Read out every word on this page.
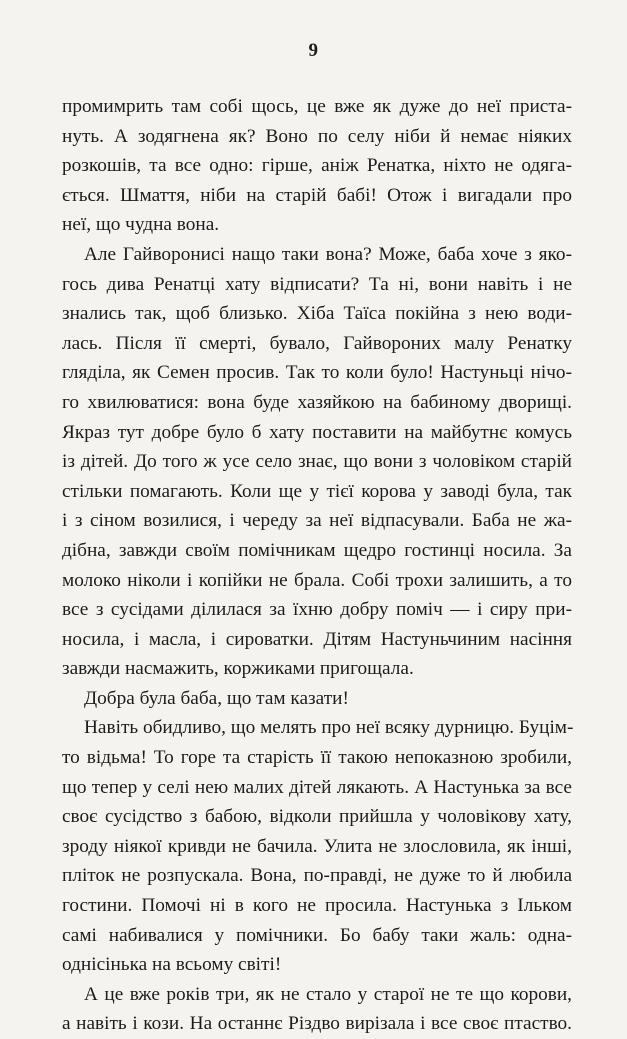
9
промимрить там собі щось, це вже як дуже до неї приста-
нуть. А зодягнена як? Воно по селу ніби й немає ніяких
розкошів, та все одно: гірше, аніж Ренатка, ніхто не одяга-
ється. Шмаття, ніби на старій бабі! Отож і вигадали про
неї, що чудна вона.
Але Гайворонисі нащо таки вона? Може, баба хоче з яко-
гось дива Ренатці хату відписати? Та ні, вони навіть і не
знались так, щоб близько. Хіба Таїса покійна з нею води-
лась. Після її смерті, бувало, Гайвороних малу Ренатку
гляділа, як Семен просив. Так то коли було! Настуньці нічо-
го хвилюватися: вона буде хазяйкою на бабиному дворищі.
Якраз тут добре було б хату поставити на майбутнє комусь
із дітей. До того ж усе село знає, що вони з чоловіком старій
стільки помагають. Коли ще у тієї корова у заводі була, так
і з сіном возилися, і череду за неї відпасували. Баба не жа-
дібна, завжди своїм помічникам щедро гостинці носила. За
молоко ніколи і копійки не брала. Собі трохи залишить, а то
все з сусідами ділилася за їхню добру поміч — і сиру при-
носила, і масла, і сироватки. Дітям Настуньчиним насіння
завжди насмажить, коржиками пригощала.
Добра була баба, що там казати!
Навіть обидливо, що мелять про неї всяку дурницю. Буцім-
то відьма! То горе та старість її такою непоказною зробили,
що тепер у селі нею малих дітей лякають. А Настунька за все
своє сусідство з бабою, відколи прийшла у чоловікову хату,
зроду ніякої кривди не бачила. Улита не злословила, як інші,
пліток не розпускала. Вона, по-правді, не дуже то й любила
гостини. Помочі ні в кого не просила. Настунька з Ільком
самі набивалися у помічники. Бо бабу таки жаль: одна-
однісінька на всьому світі!
А це вже років три, як не стало у старої не те що корови,
а навіть і кози. На останнє Різдво вирізала і все своє птаство.
